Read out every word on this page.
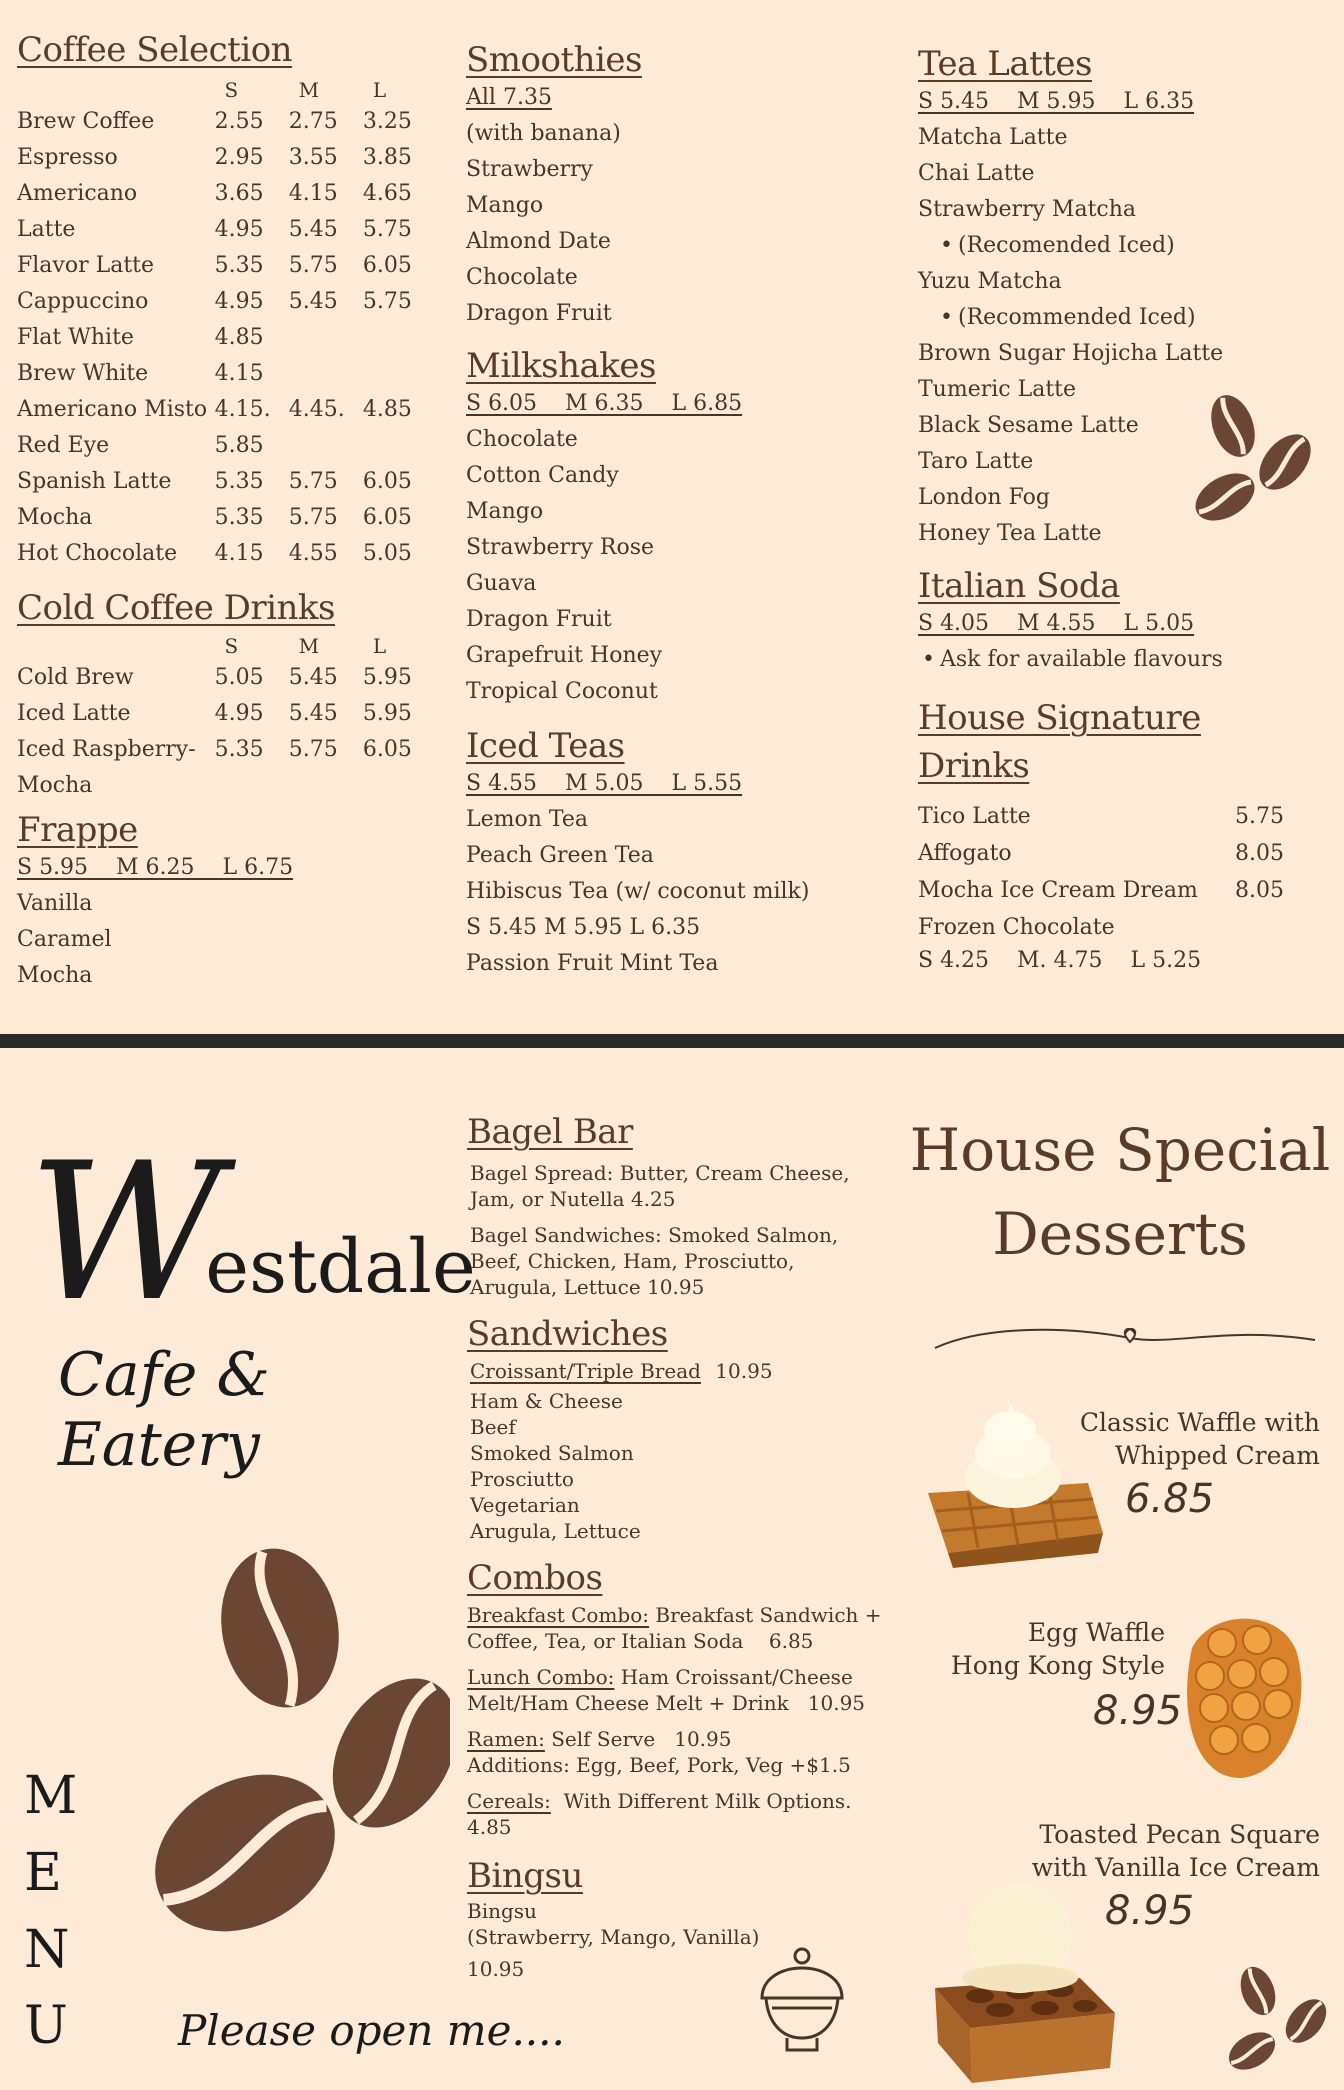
Coffee Selection
S	M	L
Brew Coffee	2.55	2.75	3.25
Espresso	2.95	3.55	3.85
Americano	3.65	4.15	4.65
Latte	4.95	5.45	5.75
Flavor Latte	5.35	5.75	6.05
Cappuccino	4.95	5.45	5.75
Flat White	4.85
Brew White	4.15
Americano Misto 4.15. 4.45. 4.85
Red Eye	5.85
Spanish Latte	5.35	5.75	6.05
Mocha	5.35	5.75	6.05
Hot Chocolate	4.15	4.55	5.05
Cold Coffee Drinks
S	M	L
Cold Brew	5.05	5.45	5.95
Iced Latte	4.95	5.45	5.95
Iced Raspberry- 5.35	5.75	6.05
Mocha
Frappe
S 5.95    M 6.25    L 6.75
Vanilla
Caramel
Mocha
Smoothies
All 7.35
(with banana)
Strawberry
Mango
Almond Date
Chocolate
Dragon Fruit
Milkshakes
S 6.05    M 6.35    L 6.85
Chocolate
Cotton Candy
Mango
Strawberry Rose
Guava
Dragon Fruit
Grapefruit Honey
Tropical Coconut
Iced Teas
S 4.55    M 5.05    L 5.55
Lemon Tea
Peach Green Tea
Hibiscus Tea (w/ coconut milk)
S 5.45 M 5.95 L 6.35
Passion Fruit Mint Tea
Tea Lattes
S 5.45    M 5.95    L 6.35
Matcha Latte
Chai Latte
Strawberry Matcha
• (Recomended Iced)
Yuzu Matcha
• (Recommended Iced)
Brown Sugar Hojicha Latte
Tumeric Latte
Black Sesame Latte
Taro Latte
London Fog
Honey Tea Latte
Italian Soda
S 4.05    M 4.55    L 5.05
• Ask for available flavours
House Signature
Drinks
Tico Latte	5.75
Affogato	8.05
Mocha Ice Cream Dream 8.05
Frozen Chocolate
S 4.25    M. 4.75    L 5.25
W
estdale
Cafe & Eatery
M
E
N
U	Please open me....
Bagel Bar
Bagel Spread: Butter, Cream Cheese,
Jam, or Nutella 4.25
Bagel Sandwiches: Smoked Salmon,
Beef, Chicken, Ham, Prosciutto,
Arugula, Lettuce 10.95
Sandwiches
Croissant/Triple Bread 10.95
Ham & Cheese
Beef
Smoked Salmon
Prosciutto
Vegetarian
Arugula, Lettuce
Combos
Breakfast Combo: Breakfast Sandwich +
Coffee, Tea, or Italian Soda    6.85
Lunch Combo: Ham Croissant/Cheese
Melt/Ham Cheese Melt + Drink   10.95
Ramen: Self Serve   10.95
Additions: Egg, Beef, Pork, Veg +$1.5
Cereals:  With Different Milk Options.
4.85
Bingsu
Bingsu
(Strawberry, Mango, Vanilla)
10.95
House Special
Desserts
Classic Waffle with
Whipped Cream
6.85
Egg Waffle
Hong Kong Style
8.95
Toasted Pecan Square
with Vanilla Ice Cream
8.95
